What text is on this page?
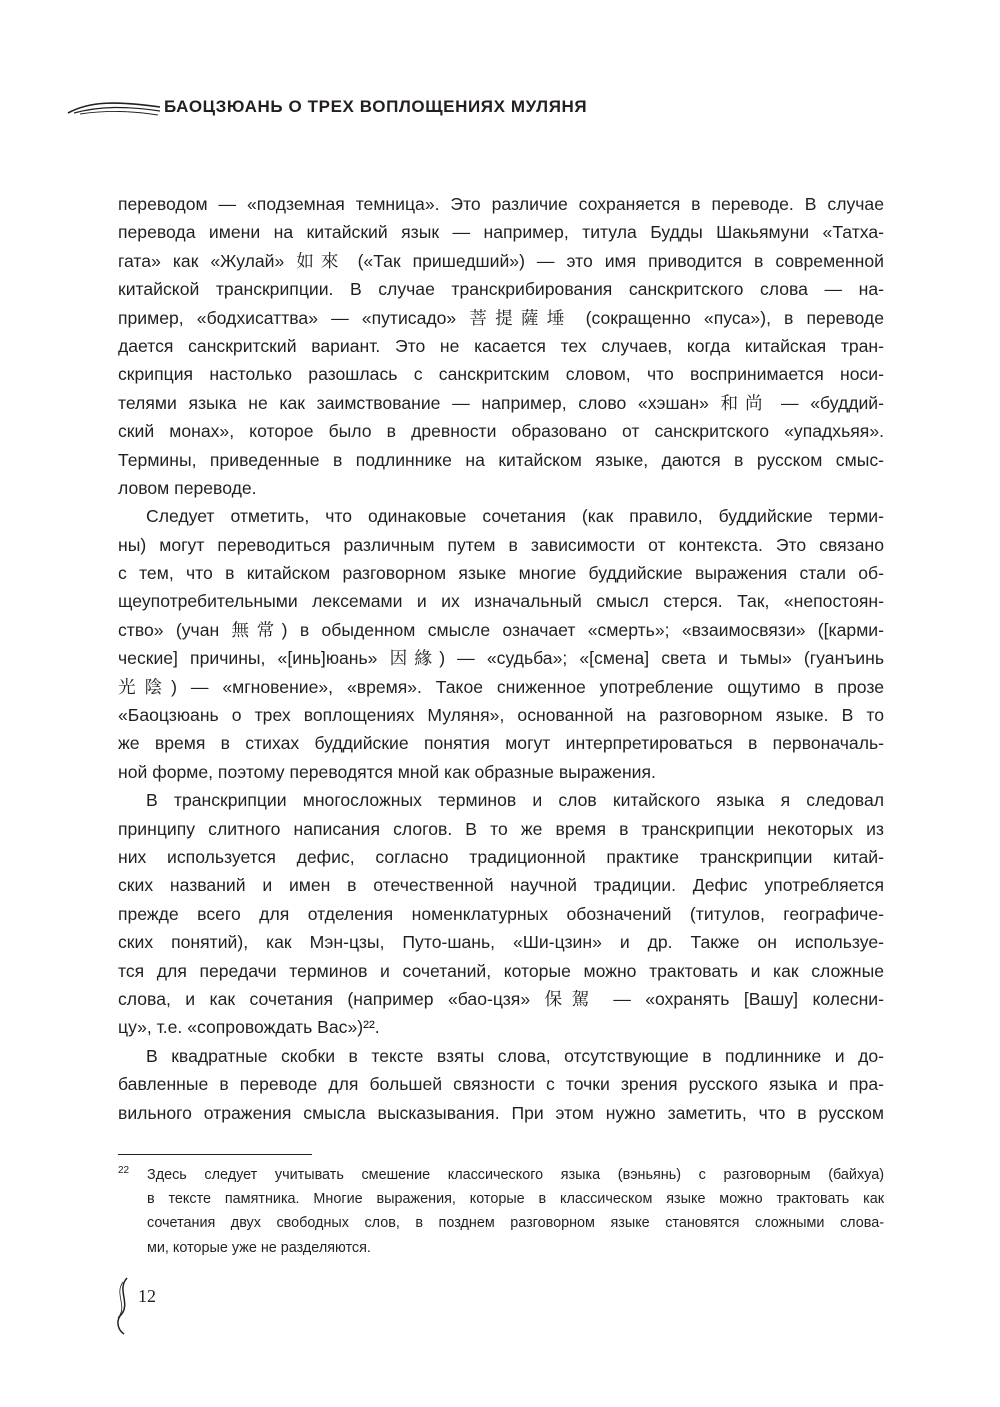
БАОЦЗЮАНЬ О ТРЕХ ВОПЛОЩЕНИЯХ МУЛЯНЯ
переводом — «подземная темница». Это различие сохраняется в переводе. В случае
перевода имени на китайский язык — например, титула Будды Шакьямуни «Татха-
гата» как «Жулай» 如來 («Так пришедший») — это имя приводится в современной
китайской транскрипции. В случае транскрибирования санскритского слова — на-
пример, «бодхисаттва» — «путисадо» 菩提薩埵 (сокращенно «пуса»), в переводе
дается санскритский вариант. Это не касается тех случаев, когда китайская тран-
скрипция настолько разошлась с санскритским словом, что воспринимается носи-
телями языка не как заимствование — например, слово «хэшан» 和尚 — «буддий-
ский монах», которое было в древности образовано от санскритского «упадхьяя».
Термины, приведенные в подлиннике на китайском языке, даются в русском смыс-
ловом переводе.
Следует отметить, что одинаковые сочетания (как правило, буддийские терми-
ны) могут переводиться различным путем в зависимости от контекста. Это связано
с тем, что в китайском разговорном языке многие буддийские выражения стали об-
щеупотребительными лексемами и их изначальный смысл стерся. Так, «непостоян-
ство» (учан 無常) в обыденном смысле означает «смерть»; «взаимосвязи» ([карми-
ческие] причины, «[инь]юань» 因緣) — «судьба»; «[смена] света и тьмы» (гуанъинь
光陰) — «мгновение», «время». Такое сниженное употребление ощутимо в прозе
«Баоцзюань о трех воплощениях Муляня», основанной на разговорном языке. В то
же время в стихах буддийские понятия могут интерпретироваться в первоначаль-
ной форме, поэтому переводятся мной как образные выражения.
В транскрипции многосложных терминов и слов китайского языка я следовал
принципу слитного написания слогов. В то же время в транскрипции некоторых из
них используется дефис, согласно традиционной практике транскрипции китай-
ских названий и имен в отечественной научной традиции. Дефис употребляется
прежде всего для отделения номенклатурных обозначений (титулов, географиче-
ских понятий), как Мэн-цзы, Путо-шань, «Ши-цзин» и др. Также он используе-
тся для передачи терминов и сочетаний, которые можно трактовать и как сложные
слова, и как сочетания (например «бао-цзя» 保駕 — «охранять [Вашу] колесни-
цу», т.е. «сопровождать Вас»)²².
В квадратные скобки в тексте взяты слова, отсутствующие в подлиннике и до-
бавленные в переводе для большей связности с точки зрения русского языка и пра-
вильного отражения смысла высказывания. При этом нужно заметить, что в русском
22	Здесь следует учитывать смешение классического языка (вэньянь) с разговорным (байхуа)
в тексте памятника. Многие выражения, которые в классическом языке можно трактовать как
сочетания двух свободных слов, в позднем разговорном языке становятся сложными слова-
ми, которые уже не разделяются.
12
